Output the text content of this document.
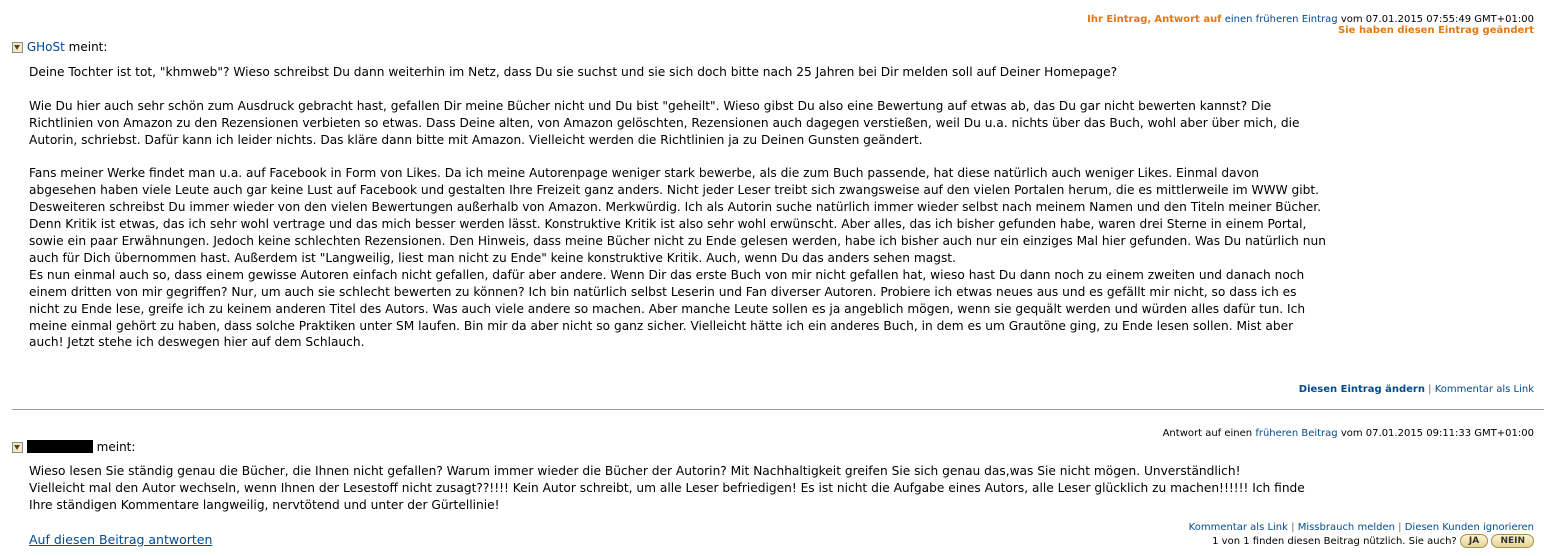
Ihr Eintrag, Antwort auf einen früheren Eintrag vom 07.01.2015 07:55:49 GMT+01:00
Sie haben diesen Eintrag geändert
GHoSt meint:

Deine Tochter ist tot, "khmweb"? Wieso schreibst Du dann weiterhin im Netz, dass Du sie suchst und sie sich doch bitte nach 25 Jahren bei Dir melden soll auf Deiner Homepage?

Wie Du hier auch sehr schön zum Ausdruck gebracht hast, gefallen Dir meine Bücher nicht und Du bist "geheilt". Wieso gibst Du also eine Bewertung auf etwas ab, das Du gar nicht bewerten kannst? Die Richtlinien von Amazon zu den Rezensionen verbieten so etwas. Dass Deine alten, von Amazon gelöschten, Rezensionen auch dagegen verstießen, weil Du u.a. nichts über das Buch, wohl aber über mich, die Autorin, schriebst. Dafür kann ich leider nichts. Das kläre dann bitte mit Amazon. Vielleicht werden die Richtlinien ja zu Deinen Gunsten geändert.

Fans meiner Werke findet man u.a. auf Facebook in Form von Likes. Da ich meine Autorenpage weniger stark bewerbe, als die zum Buch passende, hat diese natürlich auch weniger Likes. Einmal davon abgesehen haben viele Leute auch gar keine Lust auf Facebook und gestalten Ihre Freizeit ganz anders. Nicht jeder Leser treibt sich zwangsweise auf den vielen Portalen herum, die es mittlerweile im WWW gibt.

Desweiteren schreibst Du immer wieder von den vielen Bewertungen außerhalb von Amazon. Merkwürdig. Ich als Autorin suche natürlich immer wieder selbst nach meinem Namen und den Titeln meiner Bücher. Denn Kritik ist etwas, das ich sehr wohl vertrage und das mich besser werden lässt. Konstruktive Kritik ist also sehr wohl erwünscht. Aber alles, das ich bisher gefunden habe, waren drei Sterne in einem Portal, sowie ein paar Erwähnungen. Jedoch keine schlechten Rezensionen. Den Hinweis, dass meine Bücher nicht zu Ende gelesen werden, habe ich bisher auch nur ein einziges Mal hier gefunden. Was Du natürlich nun auch für Dich übernommen hast. Außerdem ist "Langweilig, liest man nicht zu Ende" keine konstruktive Kritik. Auch, wenn Du das anders sehen magst.

Es nun einmal auch so, dass einem gewisse Autoren einfach nicht gefallen, dafür aber andere. Wenn Dir das erste Buch von mir nicht gefallen hat, wieso hast Du dann noch zu einem zweiten und danach noch einem dritten von mir gegriffen? Nur, um auch sie schlecht bewerten zu können? Ich bin natürlich selbst Leserin und Fan diverser Autoren. Probiere ich etwas neues aus und es gefällt mir nicht, so dass ich es nicht zu Ende lese, greife ich zu keinem anderen Titel des Autors. Was auch viele andere so machen. Aber manche Leute sollen es ja angeblich mögen, wenn sie gequält werden und würden alles dafür tun. Ich meine einmal gehört zu haben, dass solche Praktiken unter SM laufen. Bin mir da aber nicht so ganz sicher. Vielleicht hätte ich ein anderes Buch, in dem es um Grautöne ging, zu Ende lesen sollen. Mist aber auch! Jetzt stehe ich deswegen hier auf dem Schlauch.

Diesen Eintrag ändern | Kommentar als Link
Antwort auf einen früheren Beitrag vom 07.01.2015 09:11:33 GMT+01:00
meint:

Wieso lesen Sie ständig genau die Bücher, die Ihnen nicht gefallen? Warum immer wieder die Bücher der Autorin? Mit Nachhaltigkeit greifen Sie sich genau das,was Sie nicht mögen. Unverständlich!

Vielleicht mal den Autor wechseln, wenn Ihnen der Lesestoff nicht zusagt??!!!! Kein Autor schreibt, um alle Leser befriedigen! Es ist nicht die Aufgabe eines Autors, alle Leser glücklich zu machen!!!!!! Ich finde Ihre ständigen Kommentare langweilig, nervtötend und unter der Gürtellinie!

Auf diesen Beitrag antworten
Kommentar als Link | Missbrauch melden | Diesen Kunden ignorieren
1 von 1 finden diesen Beitrag nützlich. Sie auch? JA NEIN
